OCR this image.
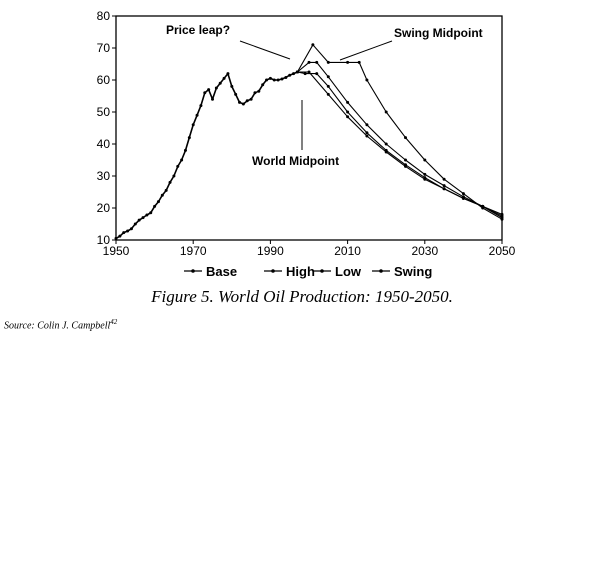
10
20
30
40
50
60
70
80
1950	1970	1990	2010	2030	2050
Price leap?	Swing Midpoint
World Midpoint
Base	High Low	Swing
Figure 5. World Oil Production: 1950-2050.
Source: Colin J. Campbell$^{42}$
